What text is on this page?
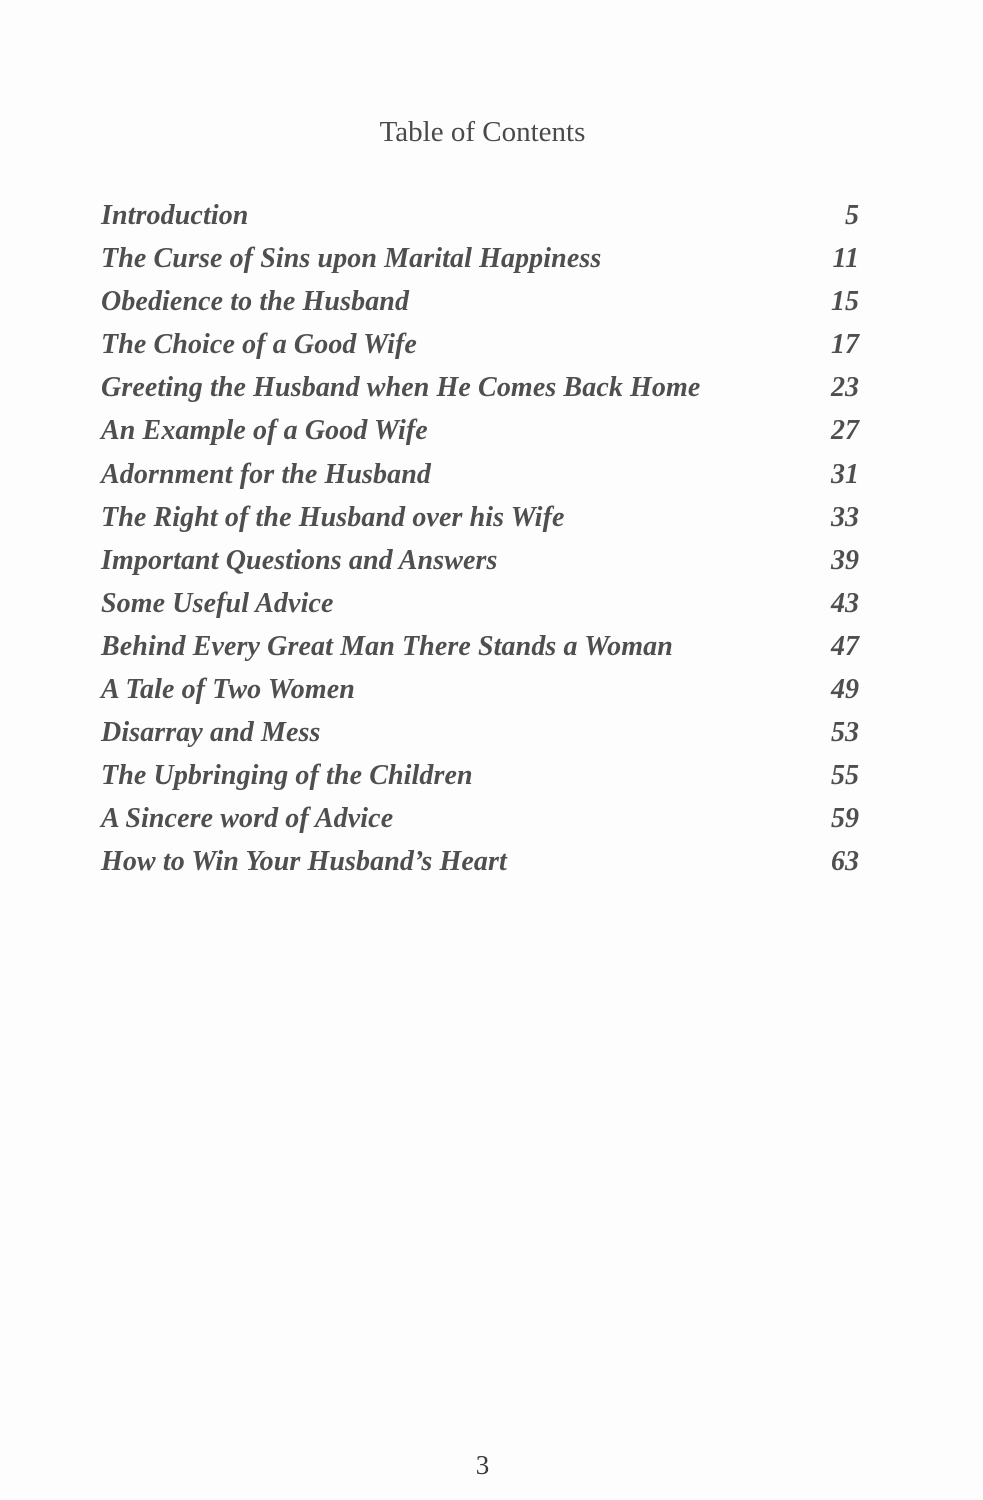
Table of Contents
Introduction	5
The Curse of Sins upon Marital Happiness	11
Obedience to the Husband	15
The Choice of a Good Wife	17
Greeting the Husband when He Comes Back Home	23
An Example of a Good Wife	27
Adornment for the Husband	31
The Right of the Husband over his Wife	33
Important Questions and Answers	39
Some Useful Advice	43
Behind Every Great Man There Stands a Woman	47
A Tale of Two Women	49
Disarray and Mess	53
The Upbringing of the Children	55
A Sincere word of Advice	59
How to Win Your Husband’s Heart	63
3
